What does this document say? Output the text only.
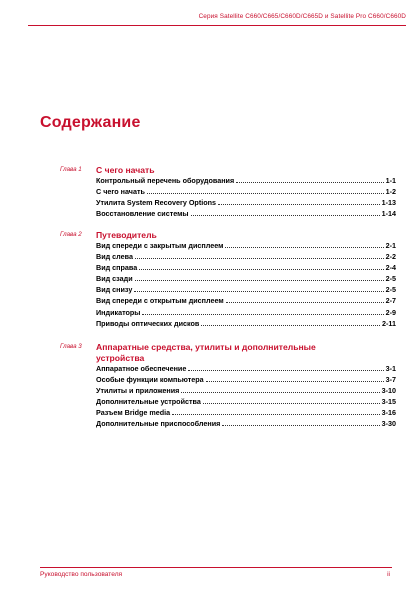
Серия Satellite C660/C665/C660D/C665D и Satellite Pro C660/C660D
Содержание
Глава 1	С чего начать
Контрольный перечень оборудования	1-1
С чего начать	1-2
Утилита System Recovery Options	1-13
Восстановление системы	1-14
Глава 2	Путеводитель
Вид спереди с закрытым дисплеем	2-1
Вид слева	2-2
Вид справа	2-4
Вид сзади	2-5
Вид снизу	2-5
Вид спереди с открытым дисплеем	2-7
Индикаторы	2-9
Приводы оптических дисков	2-11
Глава 3	Аппаратные средства, утилиты и дополнительные устройства
Аппаратное обеспечение	3-1
Особые функции компьютера	3-7
Утилиты и приложения	3-10
Дополнительные устройства	3-15
Разъем Bridge media	3-16
Дополнительные приспособления	3-30
Руководство пользователя	ii
